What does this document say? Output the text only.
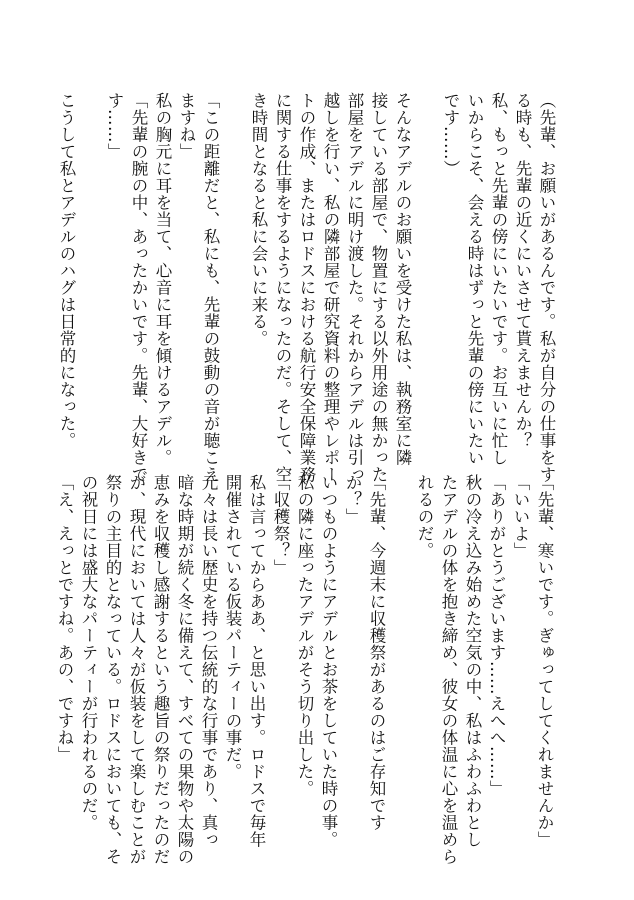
（先輩、お願いがあるんです。私が自分の仕事をす

る時も、先輩の近くにいさせて貰えませんか？

私、もっと先輩の傍にいたいです。お互いに忙し

いからこそ、会える時はずっと先輩の傍にいたい

です……）

そんなアデルのお願いを受けた私は、執務室に隣

接している部屋で、物置にする以外用途の無かった

部屋をアデルに明け渡した。それからアデルは引っ

越しを行い、私の隣部屋で研究資料の整理やレポー

トの作成、またはロドスにおける航行安全保障業務

に関する仕事をするようになったのだ。そして、空

き時間となると私に会いに来る。

「この距離だと、私にも、先輩の鼓動の音が聴こえ

ますね」

私の胸元に耳を当て、心音に耳を傾けるアデル。

「先輩の腕の中、あったかいです。先輩、大好きで

す……」

こうして私とアデルのハグは日常的になった。

「先輩、寒いです。ぎゅってしてくれませんか」

「いいよ」

「ありがとうございます……えへへ……」

秋の冷え込み始めた空気の中、私はふわふわとし

たアデルの体を抱き締め、彼女の体温に心を温めら

れるのだ。

「先輩、今週末に収穫祭があるのはご存知です

か？」

いつものようにアデルとお茶をしていた時の事。

私の隣に座ったアデルがそう切り出した。

「収穫祭？」

私は言ってからああ、と思い出す。ロドスで毎年

開催されている仮装パーティーの事だ。

元々は長い歴史を持つ伝統的な行事であり、真っ

暗な時期が続く冬に備えて、すべての果物や太陽の

恵みを収穫し感謝するという趣旨の祭りだったのだ

が、現代においては人々が仮装をして楽しむことが

祭りの主目的となっている。ロドスにおいても、そ

の祝日には盛大なパーティーが行われるのだ。

「え、えっとですね。あの、ですね」
